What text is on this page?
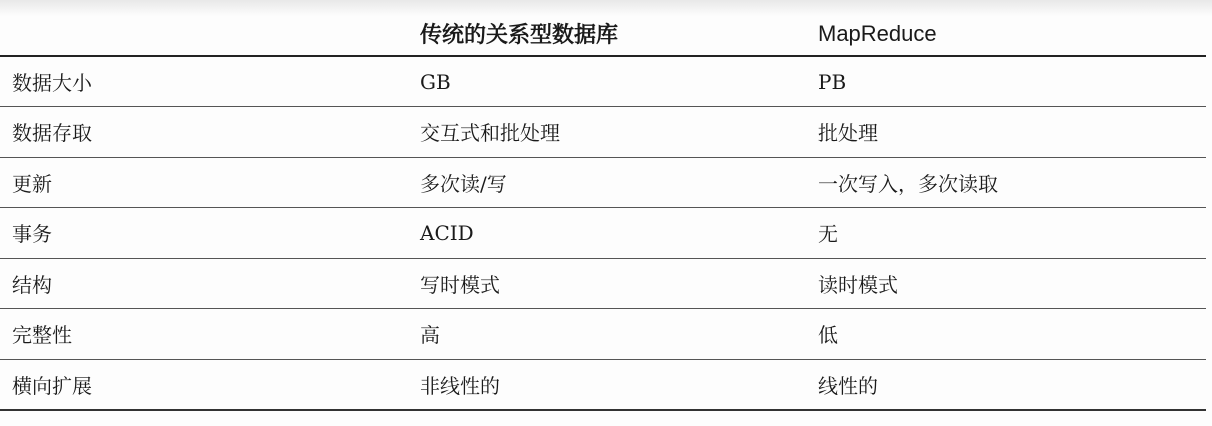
	传统的关系型数据库	MapReduce
数据大小	GB	PB
数据存取	交互式和批处理	批处理
更新	多次读/写	一次写入，多次读取
事务	ACID	无
结构	写时模式	读时模式
完整性	高	低
横向扩展	非线性的	线性的
